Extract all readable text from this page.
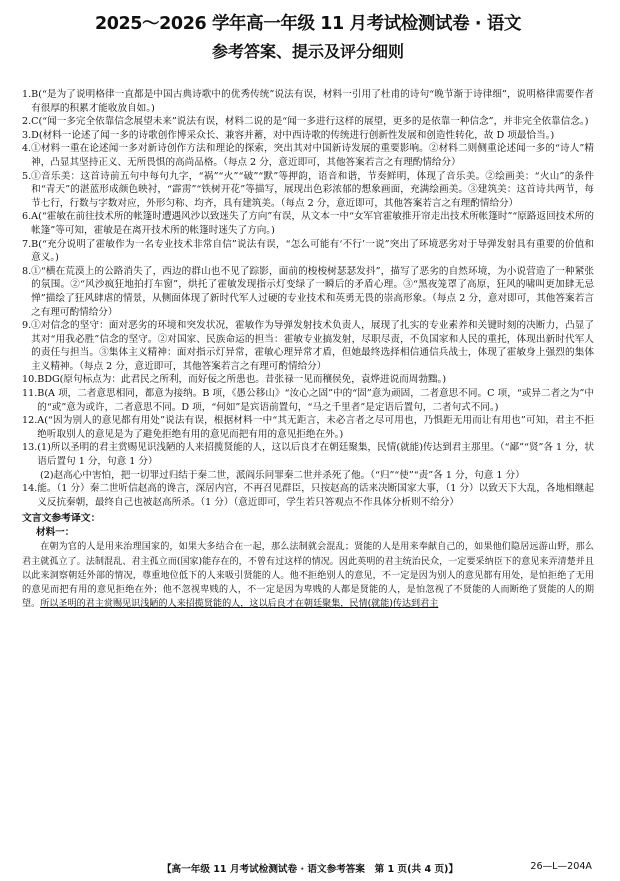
2025～2026 学年高一年级 11 月考试检测试卷 · 语文
参考答案、提示及评分细则
1. B(“是为了说明格律一直都是中国古典诗歌中的优秀传统”说法有误，材料一引用了杜甫的诗句“晚节渐于诗律细”，说明格律需要作者有很厚的积累才能收放自如。)
2. C(“闻一多完全依靠信念展望未来”说法有误，材料二说的是“闻一多进行这样的展望，更多的是依靠一种信念”，并非完全依靠信念。)
3. D(材料一论述了闻一多的诗歌创作博采众长、兼容并蓄，对中西诗歌的传统进行创新性发展和创造性转化，故 D 项最恰当。)
4. ①材料一重在论述闻一多对新诗创作方法和理论的探索，突出其对中国新诗发展的重要影响。②材料二则侧重论述闻一多的“诗人”精神，凸显其坚持正义、无所畏惧的高尚品格。（每点 2 分，意近即可，其他答案若言之有理酌情给分）
5. ①音乐美：这首诗前五句中每句九字，“祸”“火”“破”“默”等押韵，语音和谐，节奏鲜明，体现了音乐美。②绘画美：“火山”的条件和“青天”的湛蓝形成颜色映衬，“霹雳”“铁树开花”等描写，展现出色彩浓郁的想象画面，充满绘画美。③建筑美：这首诗共两节，每节七行，行数与字数对应，外形匀称、均齐，具有建筑美。（每点 2 分，意近即可，其他答案若言之有理酌情给分）
6. A(“霍敏在前往技术所的帐篷时遭遇风沙以致迷失了方向”有误，从文本一中“女军官霍敏推开帘走出技术所帐篷时”“原路返回技术所的帐篷”等可知，霍敏是在离开技术所的帐篷时迷失了方向。)
7. B(“充分说明了霍敏作为一名专业技术非常自信”说法有误，“怎么可能有‘不行’一说”突出了环境恶劣对于导弹发射具有重要的价值和意义。)
8. ①“横在荒漠上的公路消失了，西边的群山也不见了踪影，面前的梭梭树瑟瑟发抖”，描写了恶劣的自然环境，为小说营造了一种紧张的氛围。②“风沙疯狂地拍打车窗”，烘托了霍敏发现指示灯变绿了一瞬后的矛盾心理。③“黑夜笼罩了高原，狂风的啸叫更加肆无忌惮”描绘了狂风肆虐的情景，从侧面体现了新时代军人过硬的专业技术和英勇无畏的崇高形象。（每点 2 分，意对即可，其他答案若言之有理可酌情给分）
9. ①对信念的坚守：面对恶劣的环境和突发状况，霍敏作为导弹发射技术负责人，展现了扎实的专业素养和关键时刻的决断力，凸显了其对“用我必胜”信念的坚守。②对国家、民族命运的担当：霍敏专业搞发射，尽职尽责，不负国家和人民的重托，体现出新时代军人的责任与担当。③集体主义精神：面对指示灯异常，霍敏心理异常才盾，但她最终选择相信通信兵战士，体现了霍敏身上强烈的集体主义精神。（每点 2 分，意近即可，其他答案若言之有理可酌情给分）
10. BDG(原句标点为：此君民之所利，而好佞之所患也。昔张禄一见而穰侯免，袁烨进说而周勃黜。)
11. B(A 项，二者意思相同，都意为接纳。B 项，《愚公移山》“汝心之固”中的“固”意为顽固，二者意思不同。C 项，“或异二者之为”中的“或”意为或许，二者意思不同。D 项，“何如”是宾语前置句，“马之千里者”是定语后置句，二者句式不同。)
12. A(“因为别人的意见都有用处”说法有误，根据材料一中“其无距言，未必言者之尽可用也，乃惧距无用而让有用也”可知，君主不拒绝听取别人的意见是为了避免拒绝有用的意见而把有用的意见拒绝在外。)
13. (1)所以圣明的君主赏赐见识浅陋的人来招揽贤能的人，这以后良才在朝廷聚集，民情(就能)传达到君主那里。（“鄙”“贤”各 1 分，状语后置句 1 分，句意 1 分）
(2)赵高心中害怕，把一切罪过归结于秦二世，派阎乐问罪秦二世并杀死了他。（“归”“使”“责”各 1 分，句意 1 分）
14. 能。（1 分）秦二世听信赵高的谗言，深居内宫，不再召见群臣，只按赵高的话来决断国家大事，（1 分）以致天下大乱，各地相继起义反抗秦朝，最终自己也被赵高所杀。（1 分）（意近即可，学生若只答观点不作具体分析则不给分）
文言文参考译文：
材料一：

在朝为官的人是用来治理国家的，如果大多结合在一起，那么法制就会混乱；贤能的人是用来奉献自己的，如果他们隐居远游山野，那么君主就孤立了。法制混乱、君主孤立而(国家)能存在的，不曾有过这样的情况。因此英明的君主统治民众，一定要采纳臣下的意见来弄清楚并且以此来洞察朝廷外部的情况，尊重地位低下的人来吸引贤能的人。他不拒绝别人的意见，不一定是因为别人的意见都有用处，是怕拒绝了无用的意见而把有用的意见拒绝在外；他不忽视卑贱的人，不一定是因为卑贱的人都是贤能的人，是怕忽视了不贤能的人而断绝了贤能的人的期望。所以圣明的君主赏赐见识浅陋的人来招揽贤能的人，这以后良才在朝廷聚集，民情(就能)传达到君主

【高一年级 11 月考试检测试卷 · 语文参考答案　第 1 页(共 4 页)】	26—L—204A
